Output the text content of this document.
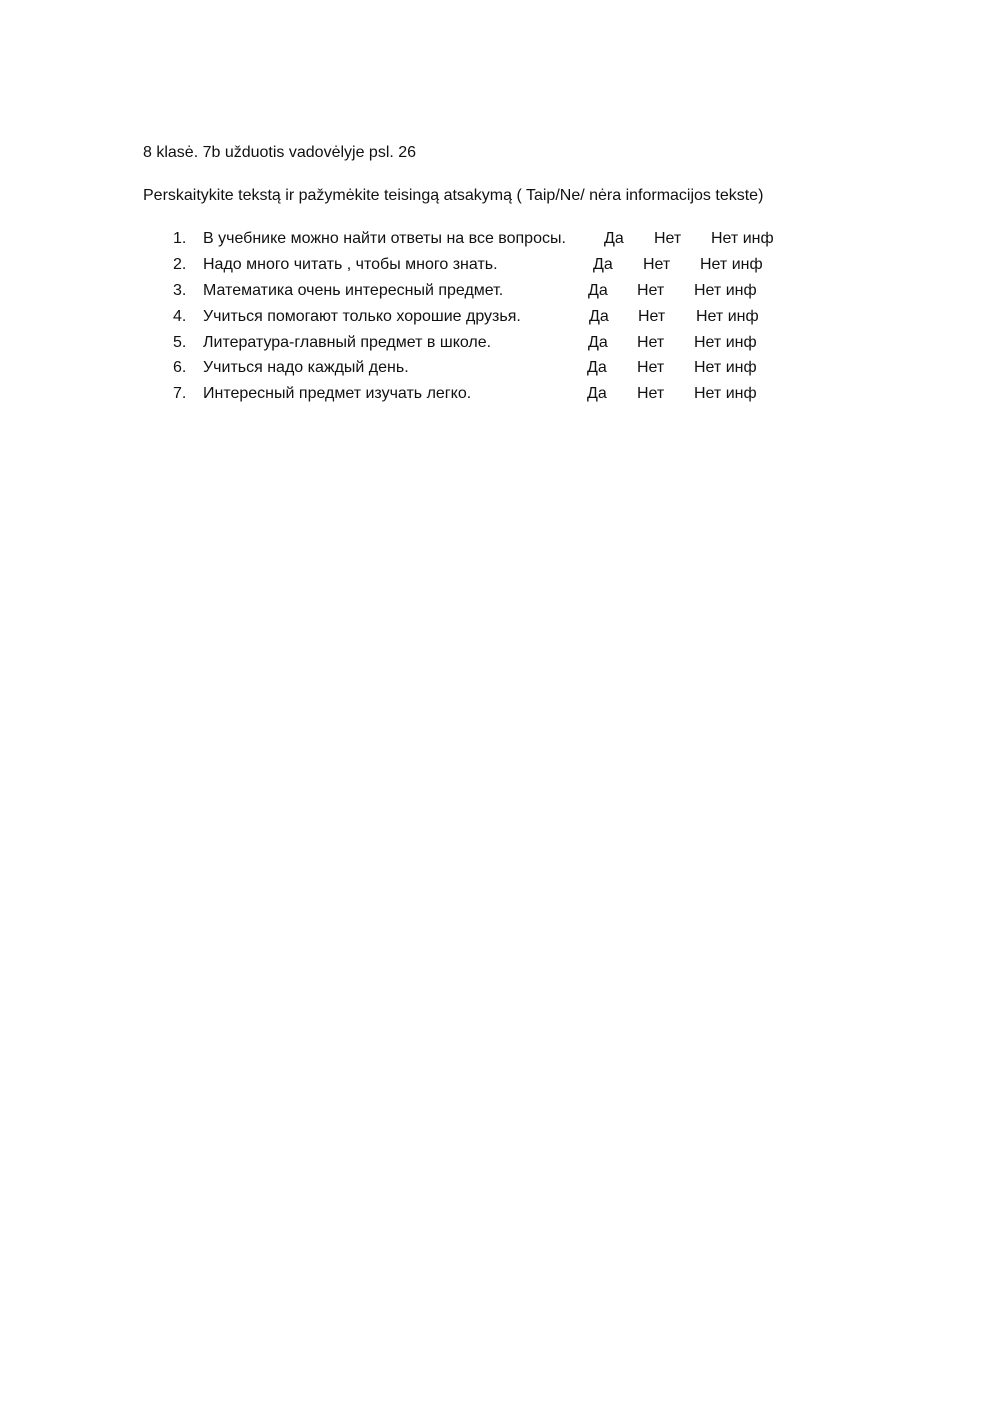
8 klasė. 7b užduotis vadovėlyje psl. 26
Perskaitykite tekstą ir pažymėkite teisingą atsakymą ( Taip/Ne/ nėra informacijos tekste)
1. В учебнике можно найти ответы на все вопросы. Да Нет Нет инф
2. Надо много читать , чтобы много знать.	Да Нет Нет инф
3. Математика очень интересный предмет.	Да Нет Нет инф
4. Учиться помогают только хорошие друзья.	Да Нет Нет инф
5. Литература-главный предмет в школе.	Да Нет Нет инф
6. Учиться надо каждый день.	Да Нет Нет инф
7. Интересный предмет изучать легко.	Да Нет Нет инф
